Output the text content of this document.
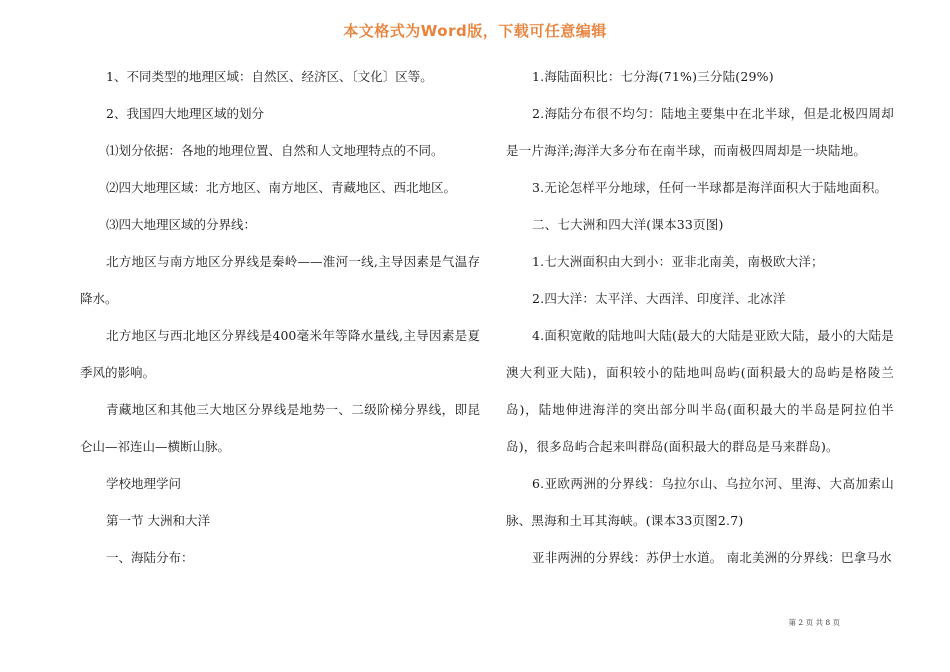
本文格式为Word版，下载可任意编辑

1、不同类型的地理区域：自然区、经济区、〔文化〕区等。

2、我国四大地理区域的划分

⑴划分依据：各地的地理位置、自然和人文地理特点的不同。

⑵四大地理区域：北方地区、南方地区、青藏地区、西北地区。

⑶四大地理区域的分界线：

北方地区与南方地区分界线是秦岭——淮河一线,主导因素是气温存降水。

北方地区与西北地区分界线是400毫米年等降水量线,主导因素是夏季风的影响。

青藏地区和其他三大地区分界线是地势一、二级阶梯分界线，即昆仑山—祁连山—横断山脉。

学校地理学问

第一节 大洲和大洋

一、海陆分布：

1.海陆面积比：七分海(71%)三分陆(29%)

2.海陆分布很不均匀：陆地主要集中在北半球，但是北极四周却是一片海洋;海洋大多分布在南半球，而南极四周却是一块陆地。

3.无论怎样平分地球，任何一半球都是海洋面积大于陆地面积。

二、七大洲和四大洋(课本33页图)

1.七大洲面积由大到小：亚非北南美，南极欧大洋；

2.四大洋：太平洋、大西洋、印度洋、北冰洋

4.面积宽敞的陆地叫大陆(最大的大陆是亚欧大陆，最小的大陆是澳大利亚大陆)，面积较小的陆地叫岛屿(面积最大的岛屿是格陵兰岛)，陆地伸进海洋的突出部分叫半岛(面积最大的半岛是阿拉伯半岛)，很多岛屿合起来叫群岛(面积最大的群岛是马来群岛)。

6.亚欧两洲的分界线：乌拉尔山、乌拉尔河、里海、大高加索山脉、黑海和土耳其海峡。(课本33页图2.7)

亚非两洲的分界线：苏伊士水道。 南北美洲的分界线：巴拿马水

第 2 页 共 8 页
